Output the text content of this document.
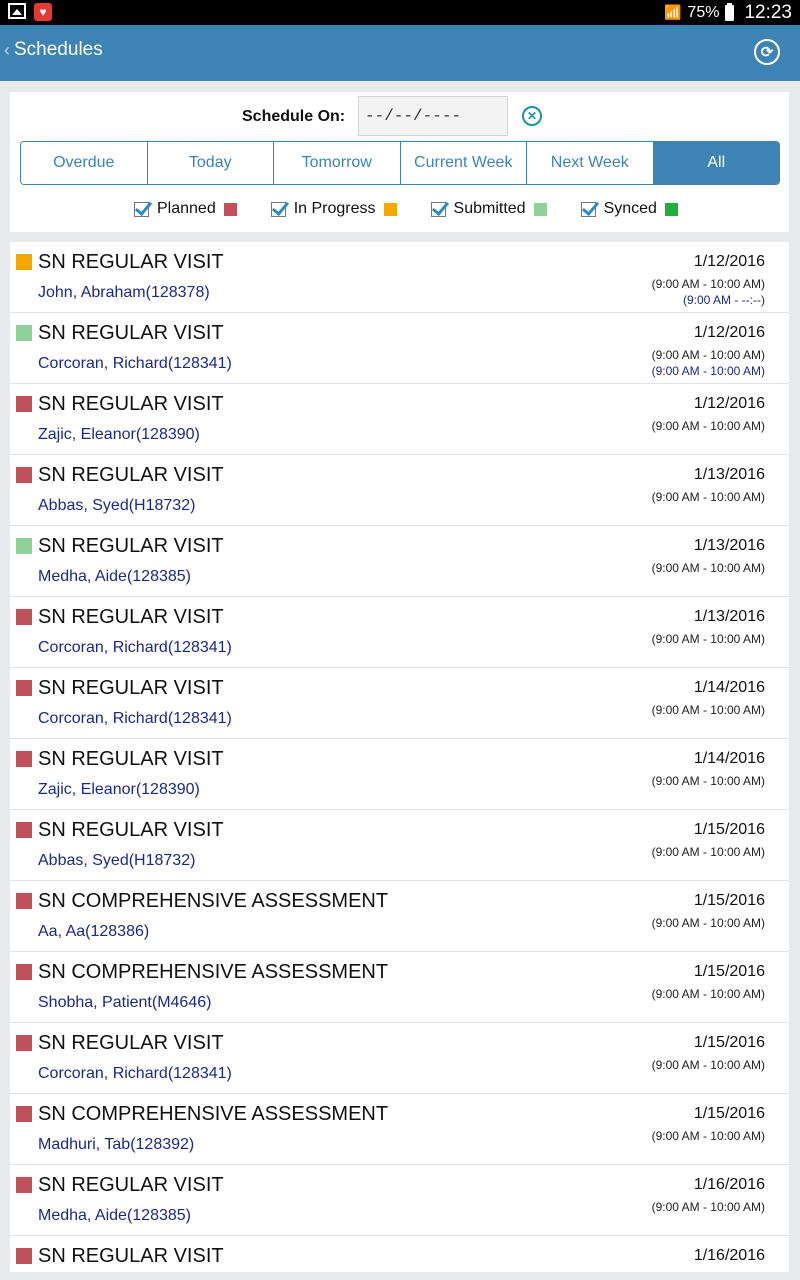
♥	📶 75% 12:23
‹ Schedules	⟳
Schedule On:	--/--/----	✕
Overdue	Today	Tomorrow	Current Week	Next Week	All
Planned	In Progress	Submitted	Synced
SN REGULAR VISIT
John, Abraham(128378)
1/12/2016
(9:00 AM - 10:00 AM)
(9:00 AM - --:--)
SN REGULAR VISIT
Corcoran, Richard(128341)
1/12/2016
(9:00 AM - 10:00 AM)
(9:00 AM - 10:00 AM)
SN REGULAR VISIT
Zajic, Eleanor(128390)
1/12/2016
(9:00 AM - 10:00 AM)
SN REGULAR VISIT
Abbas, Syed(H18732)
1/13/2016
(9:00 AM - 10:00 AM)
SN REGULAR VISIT
Medha, Aide(128385)
1/13/2016
(9:00 AM - 10:00 AM)
SN REGULAR VISIT
Corcoran, Richard(128341)
1/13/2016
(9:00 AM - 10:00 AM)
SN REGULAR VISIT
Corcoran, Richard(128341)
1/14/2016
(9:00 AM - 10:00 AM)
SN REGULAR VISIT
Zajic, Eleanor(128390)
1/14/2016
(9:00 AM - 10:00 AM)
SN REGULAR VISIT
Abbas, Syed(H18732)
1/15/2016
(9:00 AM - 10:00 AM)
SN COMPREHENSIVE ASSESSMENT
Aa, Aa(128386)
1/15/2016
(9:00 AM - 10:00 AM)
SN COMPREHENSIVE ASSESSMENT
Shobha, Patient(M4646)
1/15/2016
(9:00 AM - 10:00 AM)
SN REGULAR VISIT
Corcoran, Richard(128341)
1/15/2016
(9:00 AM - 10:00 AM)
SN COMPREHENSIVE ASSESSMENT
Madhuri, Tab(128392)
1/15/2016
(9:00 AM - 10:00 AM)
SN REGULAR VISIT
Medha, Aide(128385)
1/16/2016
(9:00 AM - 10:00 AM)
SN REGULAR VISIT	1/16/2016
